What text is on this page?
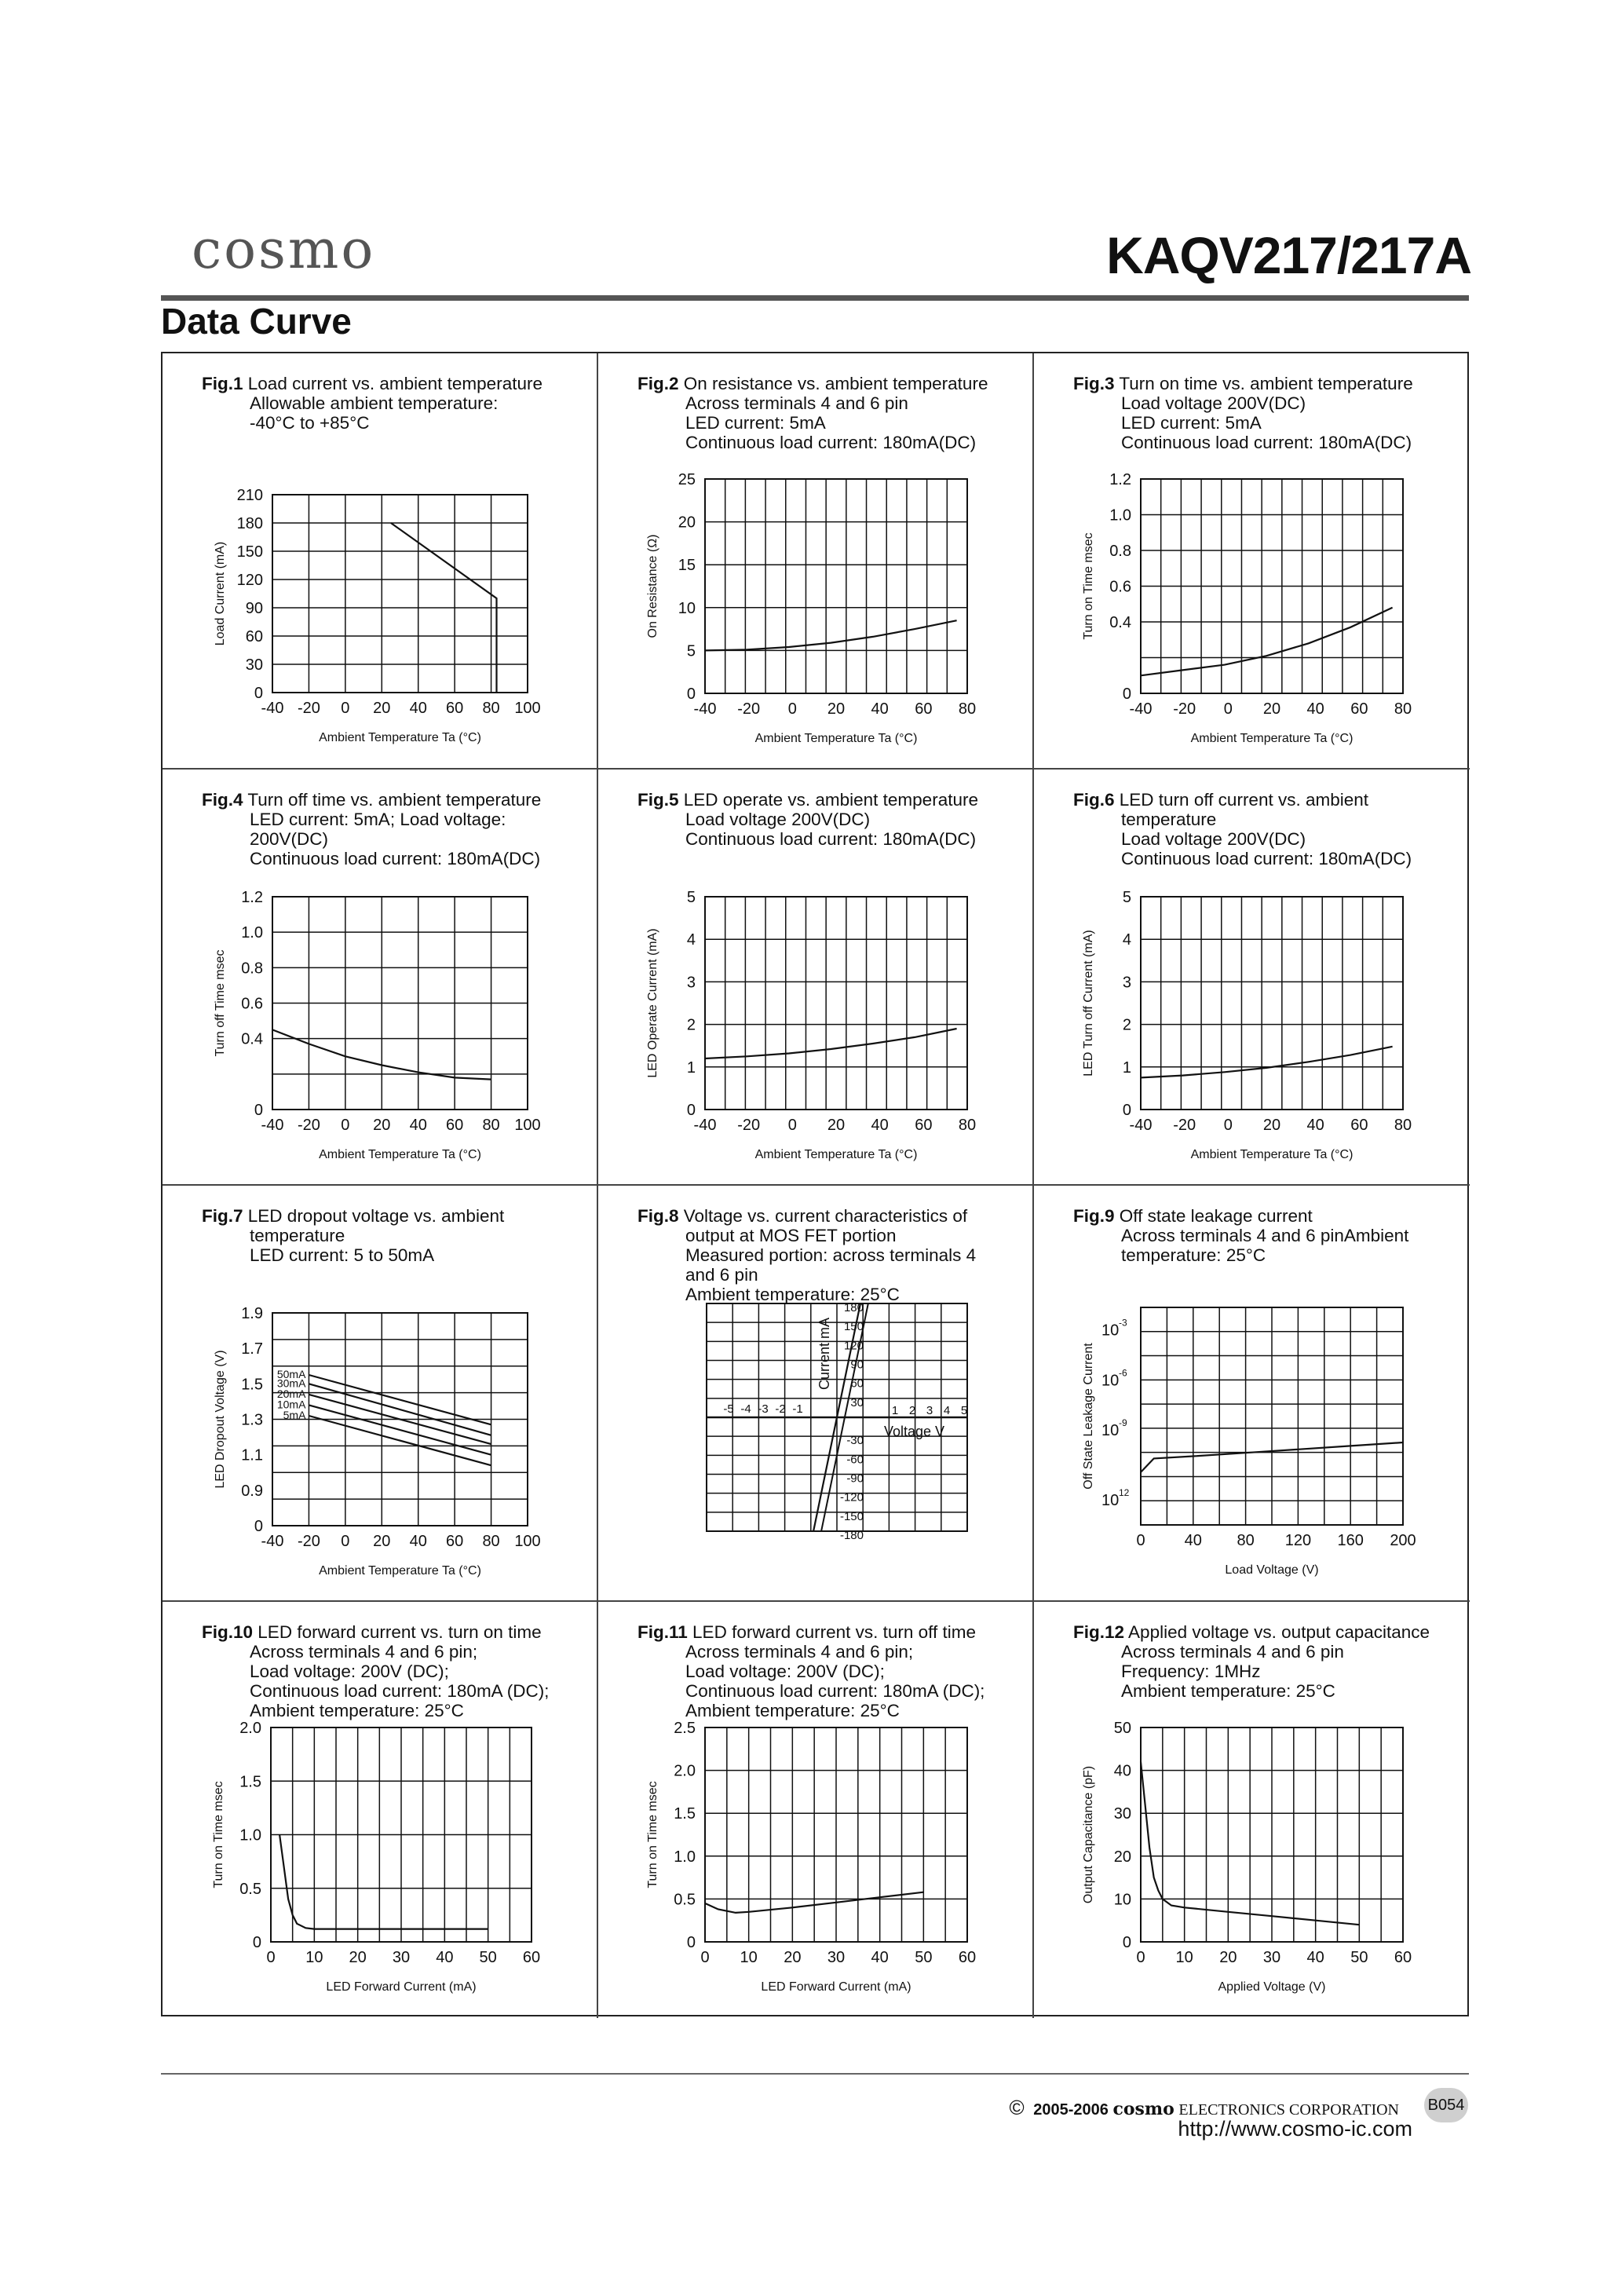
cosmo	KAQV217/217A
Data Curve
Fig.1 Load current vs. ambient temperature
Allowable ambient temperature:
-40°C to +85°C
-40 -20 0 20 40 60 80 100
0
30
60
90
120
150
180
210
Ambient Temperature Ta (°C)
Load Current (mA)
Fig.2 On resistance vs. ambient temperature
Across terminals 4 and 6 pin
LED current: 5mA
Continuous load current: 180mA(DC)
-40 -20 0 20 40 60 80
0
5
10
15
20
25
Ambient Temperature Ta (°C)
On Resistance (Ω)
Fig.3 Turn on time vs. ambient temperature
Load voltage 200V(DC)
LED current: 5mA
Continuous load current: 180mA(DC)
-40 -20 0 20 40 60 80
0
0.4
0.6
0.8
1.0
1.2
Ambient Temperature Ta (°C)
Turn on Time msec
Fig.4 Turn off time vs. ambient temperature
LED current: 5mA; Load voltage:
200V(DC)
Continuous load current: 180mA(DC)
-40 -20 0 20 40 60 80 100
0
0.4
0.6
0.8
1.0
1.2
Ambient Temperature Ta (°C)
Turn off Time msec
Fig.5 LED operate vs. ambient temperature
Load voltage 200V(DC)
Continuous load current: 180mA(DC)
-40 -20 0 20 40 60 80
0
1
2
3
4
5
Ambient Temperature Ta (°C)
LED Operate Current (mA)
Fig.6 LED turn off current vs. ambient
temperature
Load voltage 200V(DC)
Continuous load current: 180mA(DC)
-40 -20 0 20 40 60 80
0
1
2
3
4
5
Ambient Temperature Ta (°C)
LED Turn off Current (mA)
Fig.7 LED dropout voltage vs. ambient
temperature
LED current: 5 to 50mA
-40 -20 0 20 40 60 80 100
0
0.9
1.1
1.3
1.5
1.7
1.9
Ambient Temperature Ta (°C)
LED Dropout Voltage (V)	50mA
30mA
20mA
10mA
5mA
Fig.8 Voltage vs. current characteristics of
output at MOS FET portion
Measured portion: across terminals 4
and 6 pin
Ambient temperature: 25°C
180
150
120
90
60
30
-30
-60
-90
-120
-150
-180
-5 -4 -3 -2 -1	1 2 3 4 5
Current mA
Voltage V
Fig.9 Off state leakage current
Across terminals 4 and 6 pinAmbient
temperature: 25°C
0	40 80 120 160 200
10 -3
10 -6
10 -9
10 12
Load Voltage (V)
Off State Leakage Current
Fig.10 LED forward current vs. turn on time
Across terminals 4 and 6 pin;
Load voltage: 200V (DC);
Continuous load current: 180mA (DC);
Ambient temperature: 25°C
0 10 20 30 40 50 60
0
0.5
1.0
1.5
2.0
LED Forward Current (mA)
Turn on Time msec
Fig.11 LED forward current vs. turn off time
Across terminals 4 and 6 pin;
Load voltage: 200V (DC);
Continuous load current: 180mA (DC);
Ambient temperature: 25°C
0 10 20 30 40 50 60
0
0.5
1.0
1.5
2.0
2.5
LED Forward Current (mA)
Turn on Time msec
Fig.12 Applied voltage vs. output capacitance
Across terminals 4 and 6 pin
Frequency: 1MHz
Ambient temperature: 25°C
0 10 20 30 40 50 60
0
10
20
30
40
50
Applied Voltage (V)
Output Capacitance (pF)
© 2005-2006 cosmo ELECTRONICS CORPORATION B054
http://www.cosmo-ic.com
